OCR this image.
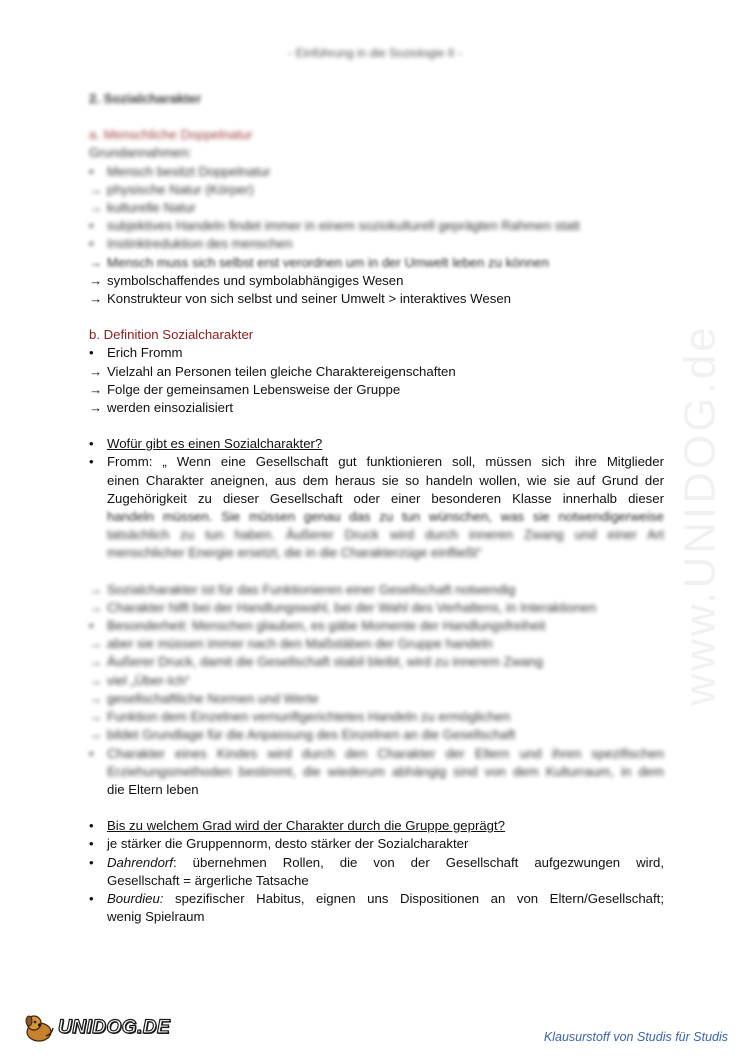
- Einführung in die Soziologie II -
www.UNIDOG.de
2. Sozialcharakter
a. Menschliche Doppelnatur
Grundannahmen:
•	Mensch besitzt Doppelnatur
→ physische Natur (Körper)
→ kulturelle Natur
•	subjektives Handeln findet immer in einem soziokulturell geprägten Rahmen statt
•	Instinktreduktion des menschen
→ Mensch muss sich selbst erst verordnen um in der Umwelt leben zu können
→ symbolschaffendes und symbolabhängiges Wesen
→ Konstrukteur von sich selbst und seiner Umwelt > interaktives Wesen
b. Definition Sozialcharakter
•	Erich Fromm
→ Vielzahl an Personen teilen gleiche Charaktereigenschaften
→ Folge der gemeinsamen Lebensweise der Gruppe
→ werden einsozialisiert
•	Wofür gibt es einen Sozialcharakter?
•	Fromm: „ Wenn eine Gesellschaft gut funktionieren soll, müssen sich ihre Mitglieder
einen Charakter aneignen, aus dem heraus sie so handeln wollen, wie sie auf Grund der
Zugehörigkeit zu dieser Gesellschaft oder einer besonderen Klasse innerhalb dieser
handeln müssen. Sie müssen genau das zu tun wünschen, was sie notwendigerweise
tatsächlich zu tun haben. Äußerer Druck wird durch inneren Zwang und einer Art
menschlicher Energie ersetzt, die in die Charakterzüge einfließt“
→ Sozialcharakter ist für das Funktionieren einer Gesellschaft notwendig
→ Charakter hilft bei der Handlungswahl, bei der Wahl des Verhaltens, in Interaktionen
•	Besonderheit: Menschen glauben, es gäbe Momente der Handlungsfreiheit
→ aber sie müssen immer nach den Maßstäben der Gruppe handeln
→ Äußerer Druck, damit die Gesellschaft stabil bleibt, wird zu innerem Zwang
→ viel „Über-Ich“
→ gesellschaftliche Normen und Werte
→ Funktion dem Einzelnen vernunftgerichtetes Handeln zu ermöglichen
→ bildet Grundlage für die Anpassung des Einzelnen an die Gesellschaft
•	Charakter eines Kindes wird durch den Charakter der Eltern und ihren spezifischen
Erziehungsmethoden bestimmt, die wiederum abhängig sind von dem Kulturraum, in dem
die Eltern leben
•	Bis zu welchem Grad wird der Charakter durch die Gruppe geprägt?
•	je stärker die Gruppennorm, desto stärker der Sozialcharakter
•	Dahrendorf: übernehmen Rollen, die von der Gesellschaft aufgezwungen wird,
Gesellschaft = ärgerliche Tatsache
•	Bourdieu: spezifischer Habitus, eignen uns Dispositionen an von Eltern/Gesellschaft;
wenig Spielraum
UNIDOG.DE	Klausurstoff von Studis für Studis
